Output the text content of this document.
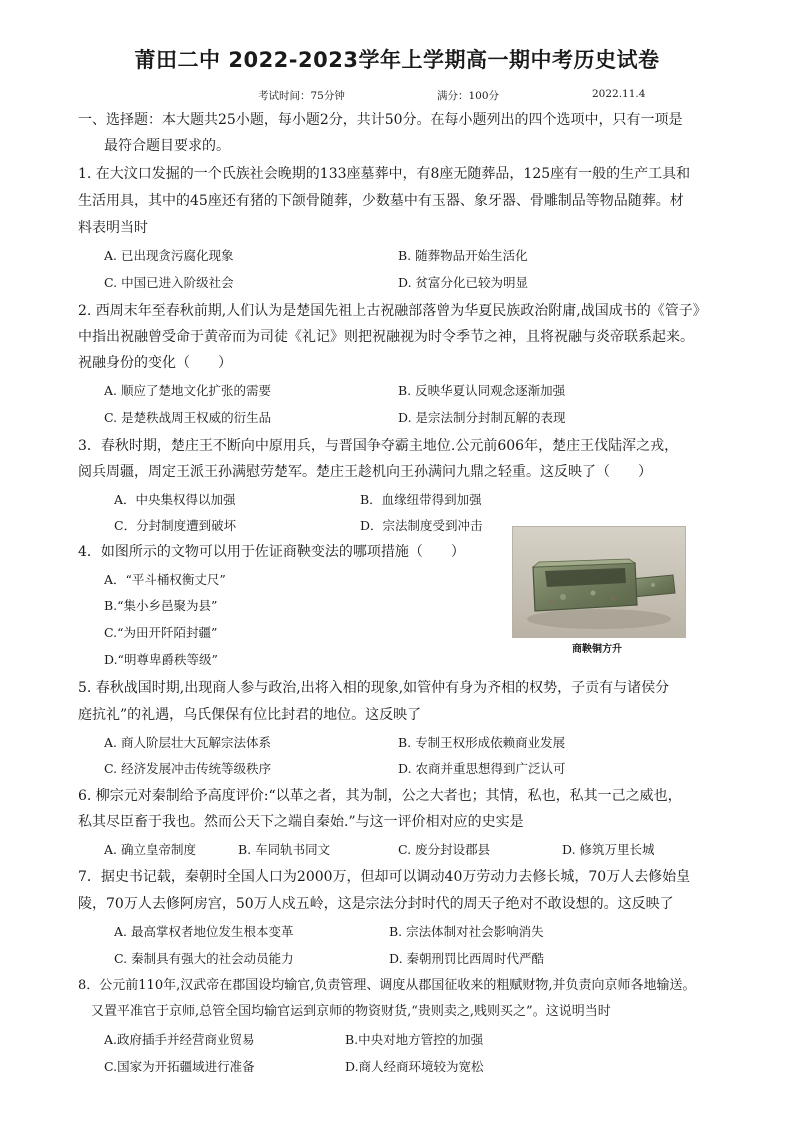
莆田二中 2022-2023学年上学期高一期中考历史试卷
考试时间：75分钟	满分：100分	2022.11.4
一、选择题：本大题共25小题，每小题2分，共计50分。在每小题列出的四个选项中，只有一项是
最符合题目要求的。
1. 在大汶口发掘的一个氏族社会晚期的133座墓葬中，有8座无随葬品，125座有一般的生产工具和
生活用具，其中的45座还有猪的下颌骨随葬，少数墓中有玉器、象牙器、骨雕制品等物品随葬。材
料表明当时
A. 已出现贪污腐化现象	B. 随葬物品开始生活化
C. 中国已进入阶级社会	D. 贫富分化已较为明显
2. 西周末年至春秋前期,人们认为是楚国先祖上古祝融部落曾为华夏民族政治附庸,战国成书的《管子》
中指出祝融曾受命于黄帝而为司徒《礼记》则把祝融视为时令季节之神，且将祝融与炎帝联系起来。
祝融身份的变化（　　）
A. 顺应了楚地文化扩张的需要	B. 反映华夏认同观念逐渐加强
C. 是楚秩战周王权威的衍生品	D. 是宗法制分封制瓦解的表现
3．春秋时期，楚庄王不断向中原用兵，与晋国争夺霸主地位.公元前606年，楚庄王伐陆浑之戎，
阅兵周疆，周定王派王孙满慰劳楚军。楚庄王趁机向王孙满问九鼎之轻重。这反映了（　　）
A．中央集权得以加强	B．血缘纽带得到加强
C．分封制度遭到破坏	D．宗法制度受到冲击
4．如图所示的文物可以用于佐证商鞅变法的哪项措施（　　）
A．“平斗桶权衡丈尺”
B.“集小乡邑聚为县”
C.“为田开阡陌封疆”
D.“明尊卑爵秩等级”
商鞅铜方升
5. 春秋战国时期,出现商人参与政治,出将入相的现象,如管仲有身为齐相的权势，子贡有与诸侯分
庭抗礼”的礼遇，乌氏倮保有位比封君的地位。这反映了
A. 商人阶层壮大瓦解宗法体系	B. 专制王权形成依赖商业发展
C. 经济发展冲击传统等级秩序	D. 农商并重思想得到广泛认可
6. 柳宗元对秦制给予高度评价:“以革之者，其为制，公之大者也；其情，私也，私其一己之威也，
私其尽臣畜于我也。然而公天下之端自秦始.”与这一评价相对应的史实是
A. 确立皇帝制度	B. 车同轨书同文	C. 废分封设郡县	D. 修筑万里长城
7．据史书记载，秦朝时全国人口为2000万，但却可以调动40万劳动力去修长城，70万人去修始皇
陵，70万人去修阿房宫，50万人戍五岭，这是宗法分封时代的周天子绝对不敢设想的。这反映了
A. 最高掌权者地位发生根本变革	B. 宗法体制对社会影响消失
C. 秦制具有强大的社会动员能力	D. 秦朝刑罚比西周时代严酷
8．公元前110年,汉武帝在郡国设均输官,负责管理、调度从郡国征收来的粗赋财物,并负责向京师各地输送。
又置平准官于京师,总管全国均输官运到京师的物资财货,“贵则卖之,贱则买之”。这说明当时
A.政府插手并经营商业贸易	B.中央对地方管控的加强
C.国家为开拓疆域进行准备	D.商人经商环境较为宽松
